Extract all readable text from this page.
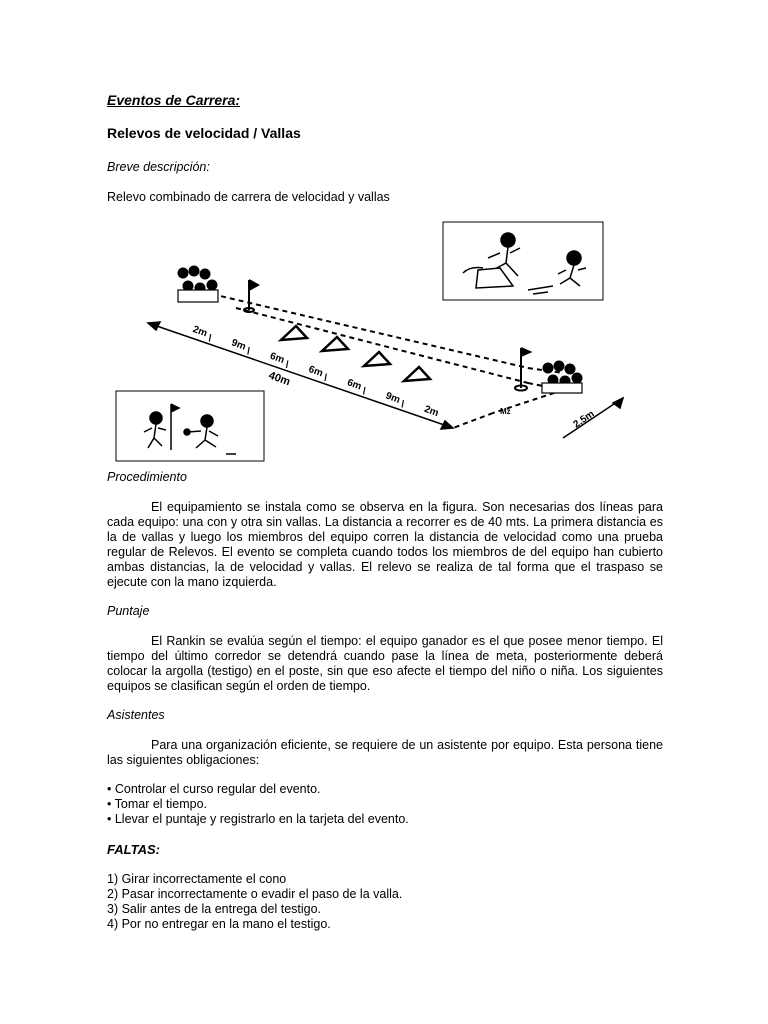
Eventos de Carrera:
Relevos de velocidad / Vallas
Breve descripción:
Relevo combinado de carrera de velocidad y vallas
2m / 9m / 6m / 6m / 6m / 9m / 2m
40m
2,5m
Mz
Procedimiento
El equipamiento se instala como se observa en la figura. Son necesarias dos líneas para cada equipo: una con y otra sin vallas. La distancia a recorrer es de 40 mts. La primera distancia es la de vallas y luego los miembros del equipo corren la distancia de velocidad como una prueba regular de Relevos. El evento se completa cuando todos los miembros de del equipo han cubierto ambas distancias, la de velocidad y vallas. El relevo se realiza de tal forma que el traspaso se ejecute con la mano izquierda.
Puntaje
El Rankin se evalúa según el tiempo: el equipo ganador es el que posee menor tiempo. El tiempo del último corredor se detendrá cuando pase la línea de meta, posteriormente deberá colocar la argolla (testigo) en el poste, sin que eso afecte el tiempo del niño o niña. Los siguientes equipos se clasifican según el orden de tiempo.
Asistentes
Para una organización eficiente, se requiere de un asistente por equipo. Esta persona tiene las siguientes obligaciones:
• Controlar el curso regular del evento.
• Tomar el tiempo.
• Llevar el puntaje y registrarlo en la tarjeta del evento.
FALTAS:
1) Girar incorrectamente el cono
2) Pasar incorrectamente o evadir el paso de la valla.
3) Salir antes de la entrega del testigo.
4) Por no entregar en la mano el testigo.
